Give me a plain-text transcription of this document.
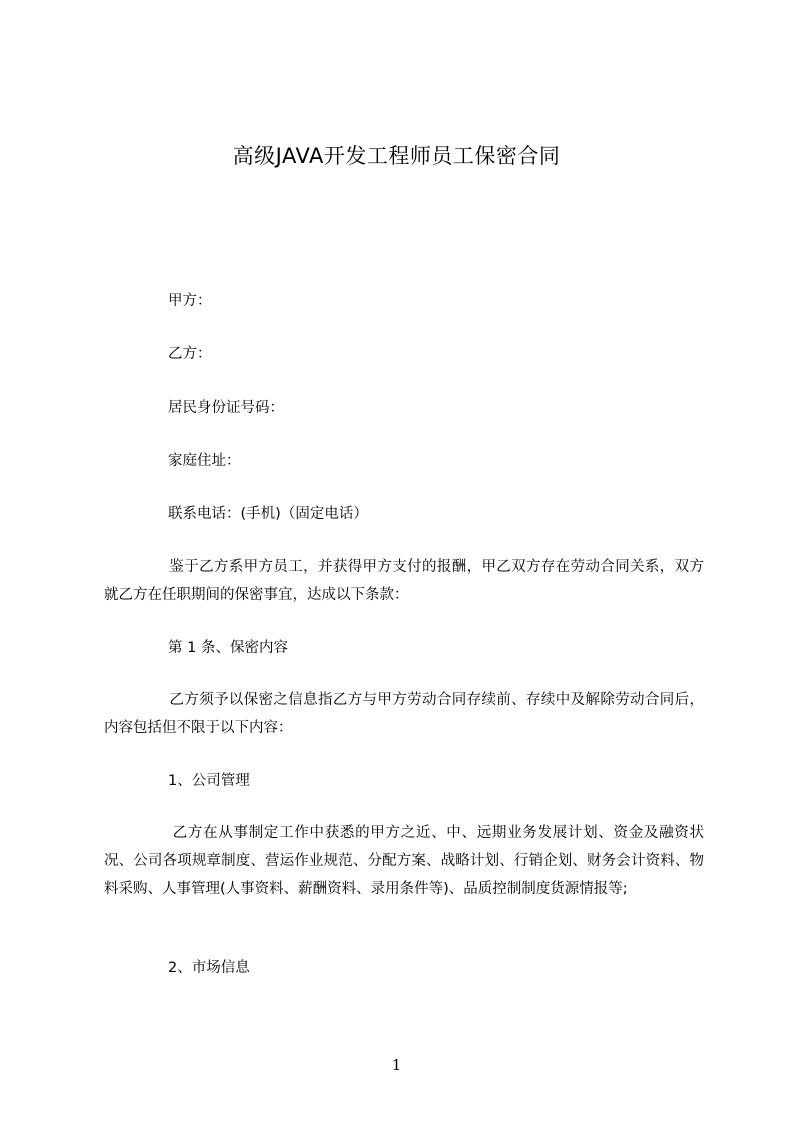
高级JAVA开发工程师员工保密合同
甲方：
乙方：
居民身份证号码：
家庭住址：
联系电话：(手机)（固定电话）
鉴于乙方系甲方员工，并获得甲方支付的报酬，甲乙双方存在劳动合同关系，双方就乙方在任职期间的保密事宜，达成以下条款：
第 1 条、保密内容
乙方须予以保密之信息指乙方与甲方劳动合同存续前、存续中及解除劳动合同后，内容包括但不限于以下内容：
1、公司管理
乙方在从事制定工作中获悉的甲方之近、中、远期业务发展计划、资金及融资状况、公司各项规章制度、营运作业规范、分配方案、战略计划、行销企划、财务会计资料、物料采购、人事管理(人事资料、薪酬资料、录用条件等)、品质控制制度货源情报等;
2、市场信息
1
